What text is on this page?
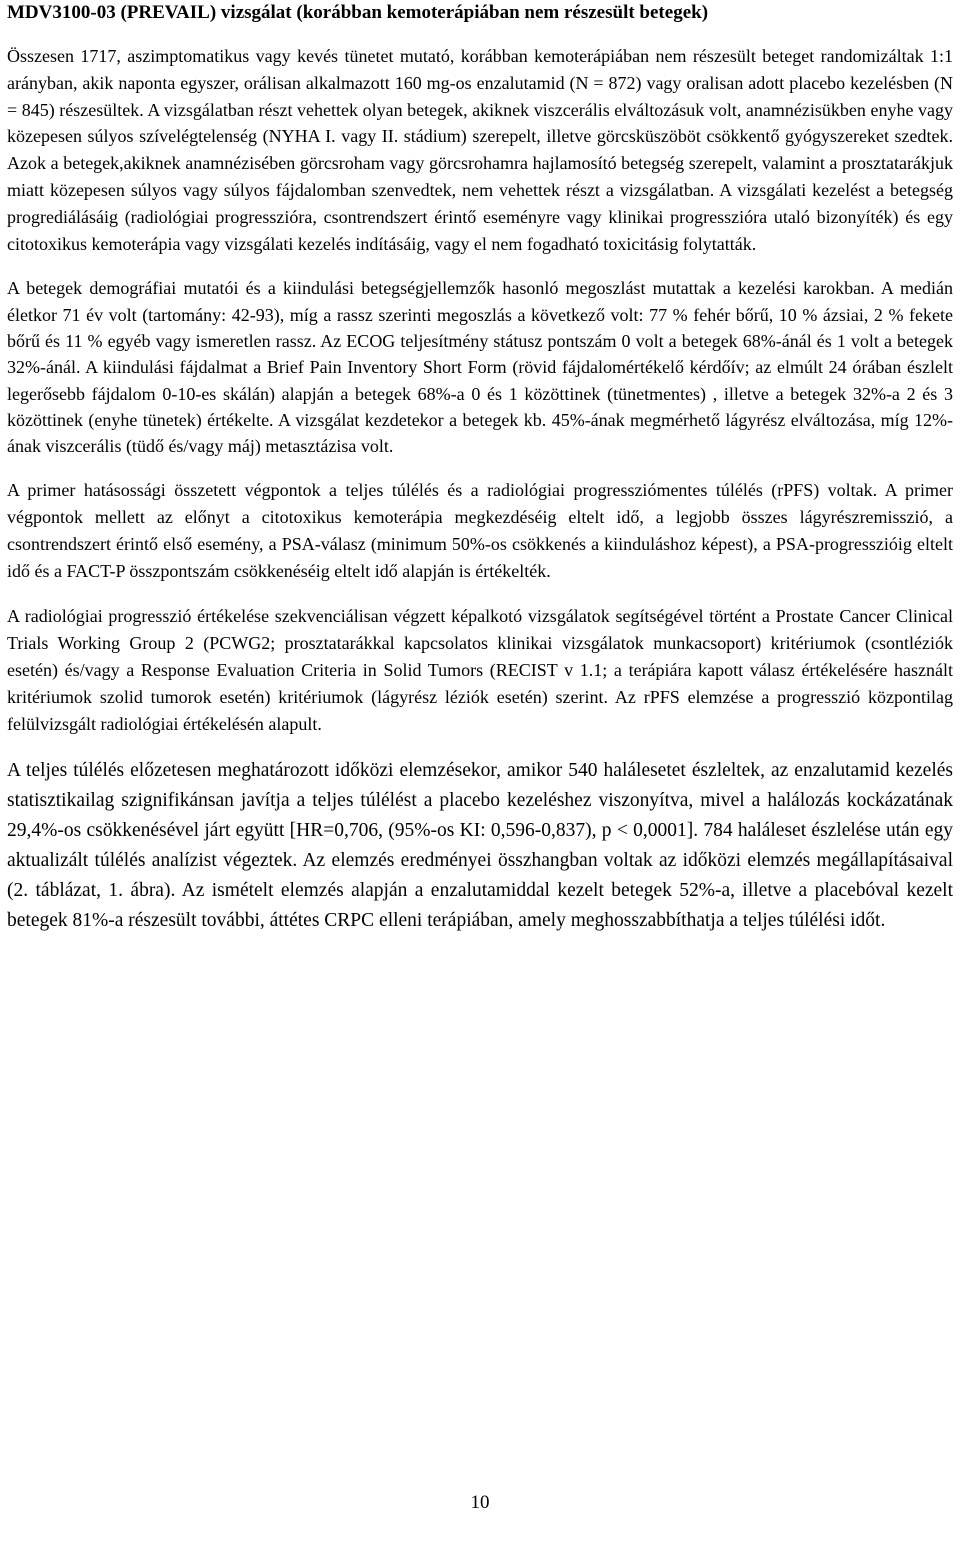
MDV3100-03 (PREVAIL) vizsgálat (korábban kemoterápiában nem részesült betegek)

Összesen 1717, aszimptomatikus vagy kevés tünetet mutató, korábban kemoterápiában nem részesült beteget randomizáltak 1:1 arányban, akik naponta egyszer, orálisan alkalmazott 160 mg-os enzalutamid (N = 872) vagy oralisan adott placebo kezelésben (N = 845) részesültek. A vizsgálatban részt vehettek olyan betegek, akiknek viszcerális elváltozásuk volt, anamnézisükben enyhe vagy közepesen súlyos szívelégtelenség (NYHA I. vagy II. stádium) szerepelt, illetve görcsküszöböt csökkentő gyógyszereket szedtek. Azok a betegek,akiknek anamnézisében görcsroham vagy görcsrohamra hajlamosító betegség szerepelt, valamint a prosztatarákjuk miatt közepesen súlyos vagy súlyos fájdalomban szenvedtek, nem vehettek részt a vizsgálatban. A vizsgálati kezelést a betegség progrediálásáig (radiológiai progresszióra, csontrendszert érintő eseményre vagy klinikai progresszióra utaló bizonyíték) és egy citotoxikus kemoterápia vagy vizsgálati kezelés indításáig, vagy el nem fogadható toxicitásig folytatták.

A betegek demográfiai mutatói és a kiindulási betegségjellemzők hasonló megoszlást mutattak a kezelési karokban. A medián életkor 71 év volt (tartomány: 42-93), míg a rassz szerinti megoszlás a következő volt: 77 % fehér bőrű, 10 % ázsiai, 2 % fekete bőrű és 11 % egyéb vagy ismeretlen rassz. Az ECOG teljesítmény státusz pontszám 0 volt a betegek 68%-ánál és 1 volt a betegek 32%-ánál. A kiindulási fájdalmat a Brief Pain Inventory Short Form (rövid fájdalomértékelő kérdőív; az elmúlt 24 órában észlelt legerősebb fájdalom 0-10-es skálán) alapján a betegek 68%-a 0 és 1 közöttinek (tünetmentes) , illetve a betegek 32%-a 2 és 3 közöttinek (enyhe tünetek) értékelte. A vizsgálat kezdetekor a betegek kb. 45%-ának megmérhető lágyrész elváltozása, míg 12%-ának viszcerális (tüdő és/vagy máj) metasztázisa volt.

A primer hatásossági összetett végpontok a teljes túlélés és a radiológiai progressziómentes túlélés (rPFS) voltak. A primer végpontok mellett az előnyt a citotoxikus kemoterápia megkezdéséig eltelt idő, a legjobb összes lágyrészremisszió, a csontrendszert érintő első esemény, a PSA-válasz (minimum 50%-os csökkenés a kiinduláshoz képest), a PSA-progresszióig eltelt idő és a FACT-P összpontszám csökkenéséig eltelt idő alapján is értékelték.

A radiológiai progresszió értékelése szekvenciálisan végzett képalkotó vizsgálatok segítségével történt a Prostate Cancer Clinical Trials Working Group 2 (PCWG2; prosztatarákkal kapcsolatos klinikai vizsgálatok munkacsoport) kritériumok (csontléziók esetén) és/vagy a Response Evaluation Criteria in Solid Tumors (RECIST v 1.1; a terápiára kapott válasz értékelésére használt kritériumok szolid tumorok esetén) kritériumok (lágyrész léziók esetén) szerint. Az rPFS elemzése a progresszió központilag felülvizsgált radiológiai értékelésén alapult.

A teljes túlélés előzetesen meghatározott időközi elemzésekor, amikor 540 halálesetet észleltek, az enzalutamid kezelés statisztikailag szignifikánsan javítja a teljes túlélést a placebo kezeléshez viszonyítva, mivel a halálozás kockázatának 29,4%-os csökkenésével járt együtt [HR=0,706, (95%-os KI: 0,596-0,837), p < 0,0001]. 784 haláleset észlelése után egy aktualizált túlélés analízist végeztek. Az elemzés eredményei összhangban voltak az időközi elemzés megállapításaival (2. táblázat, 1. ábra). Az ismételt elemzés alapján a enzalutamiddal kezelt betegek 52%-a, illetve a placebóval kezelt betegek 81%-a részesült további, áttétes CRPC elleni terápiában, amely meghosszabbíthatja a teljes túlélési időt.

10
